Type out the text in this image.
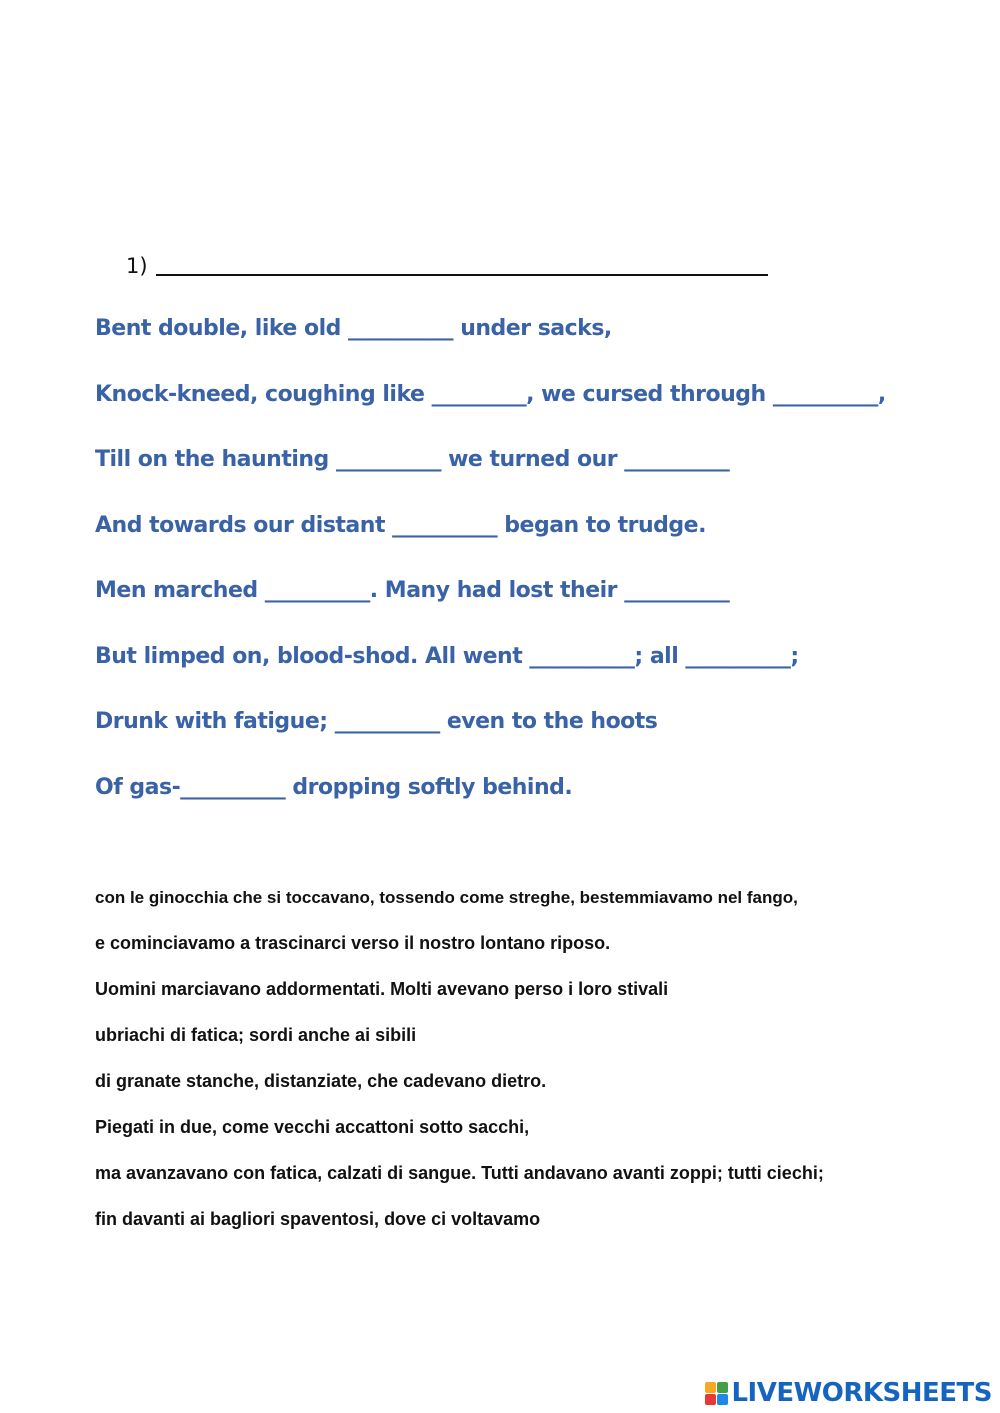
1)
Bent double, like old __________ under sacks,
Knock-kneed, coughing like _________, we cursed through __________,
Till on the haunting __________ we turned our __________
And towards our distant __________ began to trudge.
Men marched __________. Many had lost their __________
But limped on, blood-shod. All went __________; all __________;
Drunk with fatigue; __________ even to the hoots
Of gas-__________ dropping softly behind.
con le ginocchia che si toccavano, tossendo come streghe, bestemmiavamo nel fango,
e cominciavamo a trascinarci verso il nostro lontano riposo.
Uomini marciavano addormentati. Molti avevano perso i loro stivali
ubriachi di fatica; sordi anche ai sibili
di granate stanche, distanziate, che cadevano dietro.
Piegati in due, come vecchi accattoni sotto sacchi,
ma avanzavano con fatica, calzati di sangue. Tutti andavano avanti zoppi; tutti ciechi;
fin davanti ai bagliori spaventosi, dove ci voltavamo
LIVEWORKSHEETS
